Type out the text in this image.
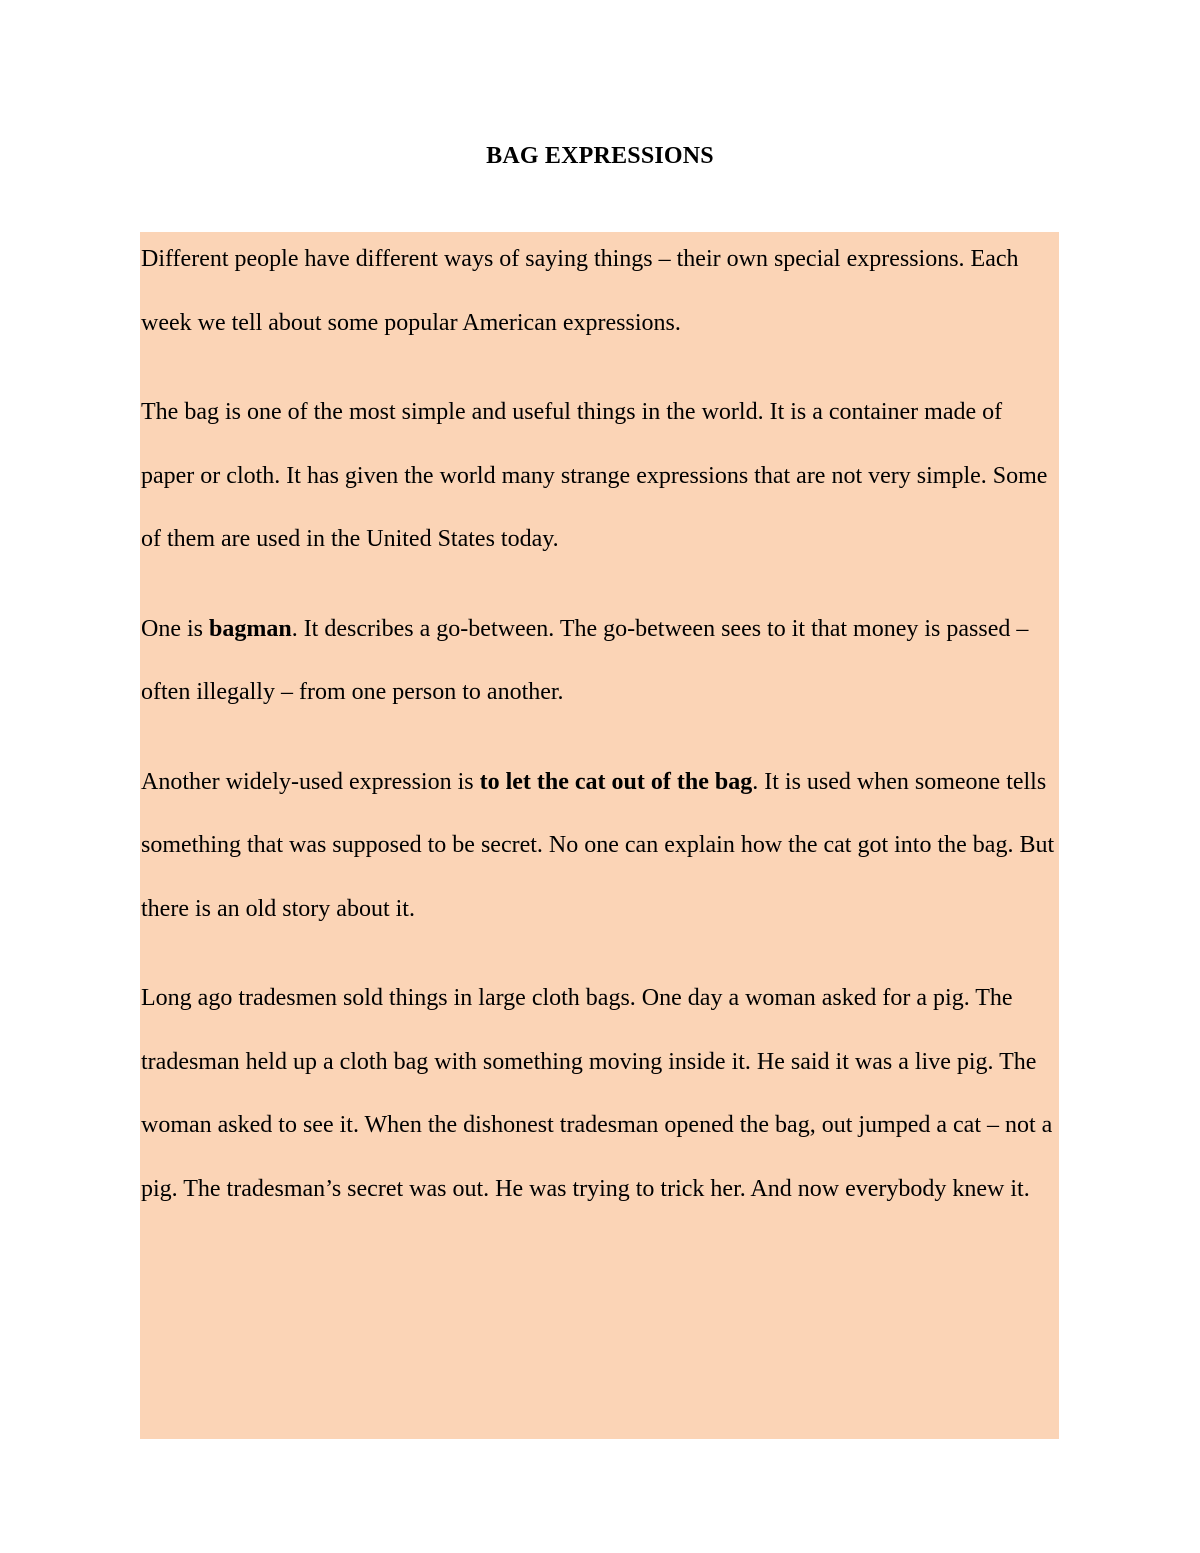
BAG EXPRESSIONS

Different people have different ways of saying things – their own special expressions. Each week we tell about some popular American expressions.

The bag is one of the most simple and useful things in the world. It is a container made of paper or cloth. It has given the world many strange expressions that are not very simple. Some of them are used in the United States today.

One is bagman. It describes a go-between. The go-between sees to it that money is passed – often illegally – from one person to another.

Another widely-used expression is to let the cat out of the bag. It is used when someone tells something that was supposed to be secret. No one can explain how the cat got into the bag. But there is an old story about it.

Long ago tradesmen sold things in large cloth bags. One day a woman asked for a pig. The tradesman held up a cloth bag with something moving inside it. He said it was a live pig. The woman asked to see it. When the dishonest tradesman opened the bag, out jumped a cat – not a pig. The tradesman’s secret was out. He was trying to trick her. And now everybody knew it.
